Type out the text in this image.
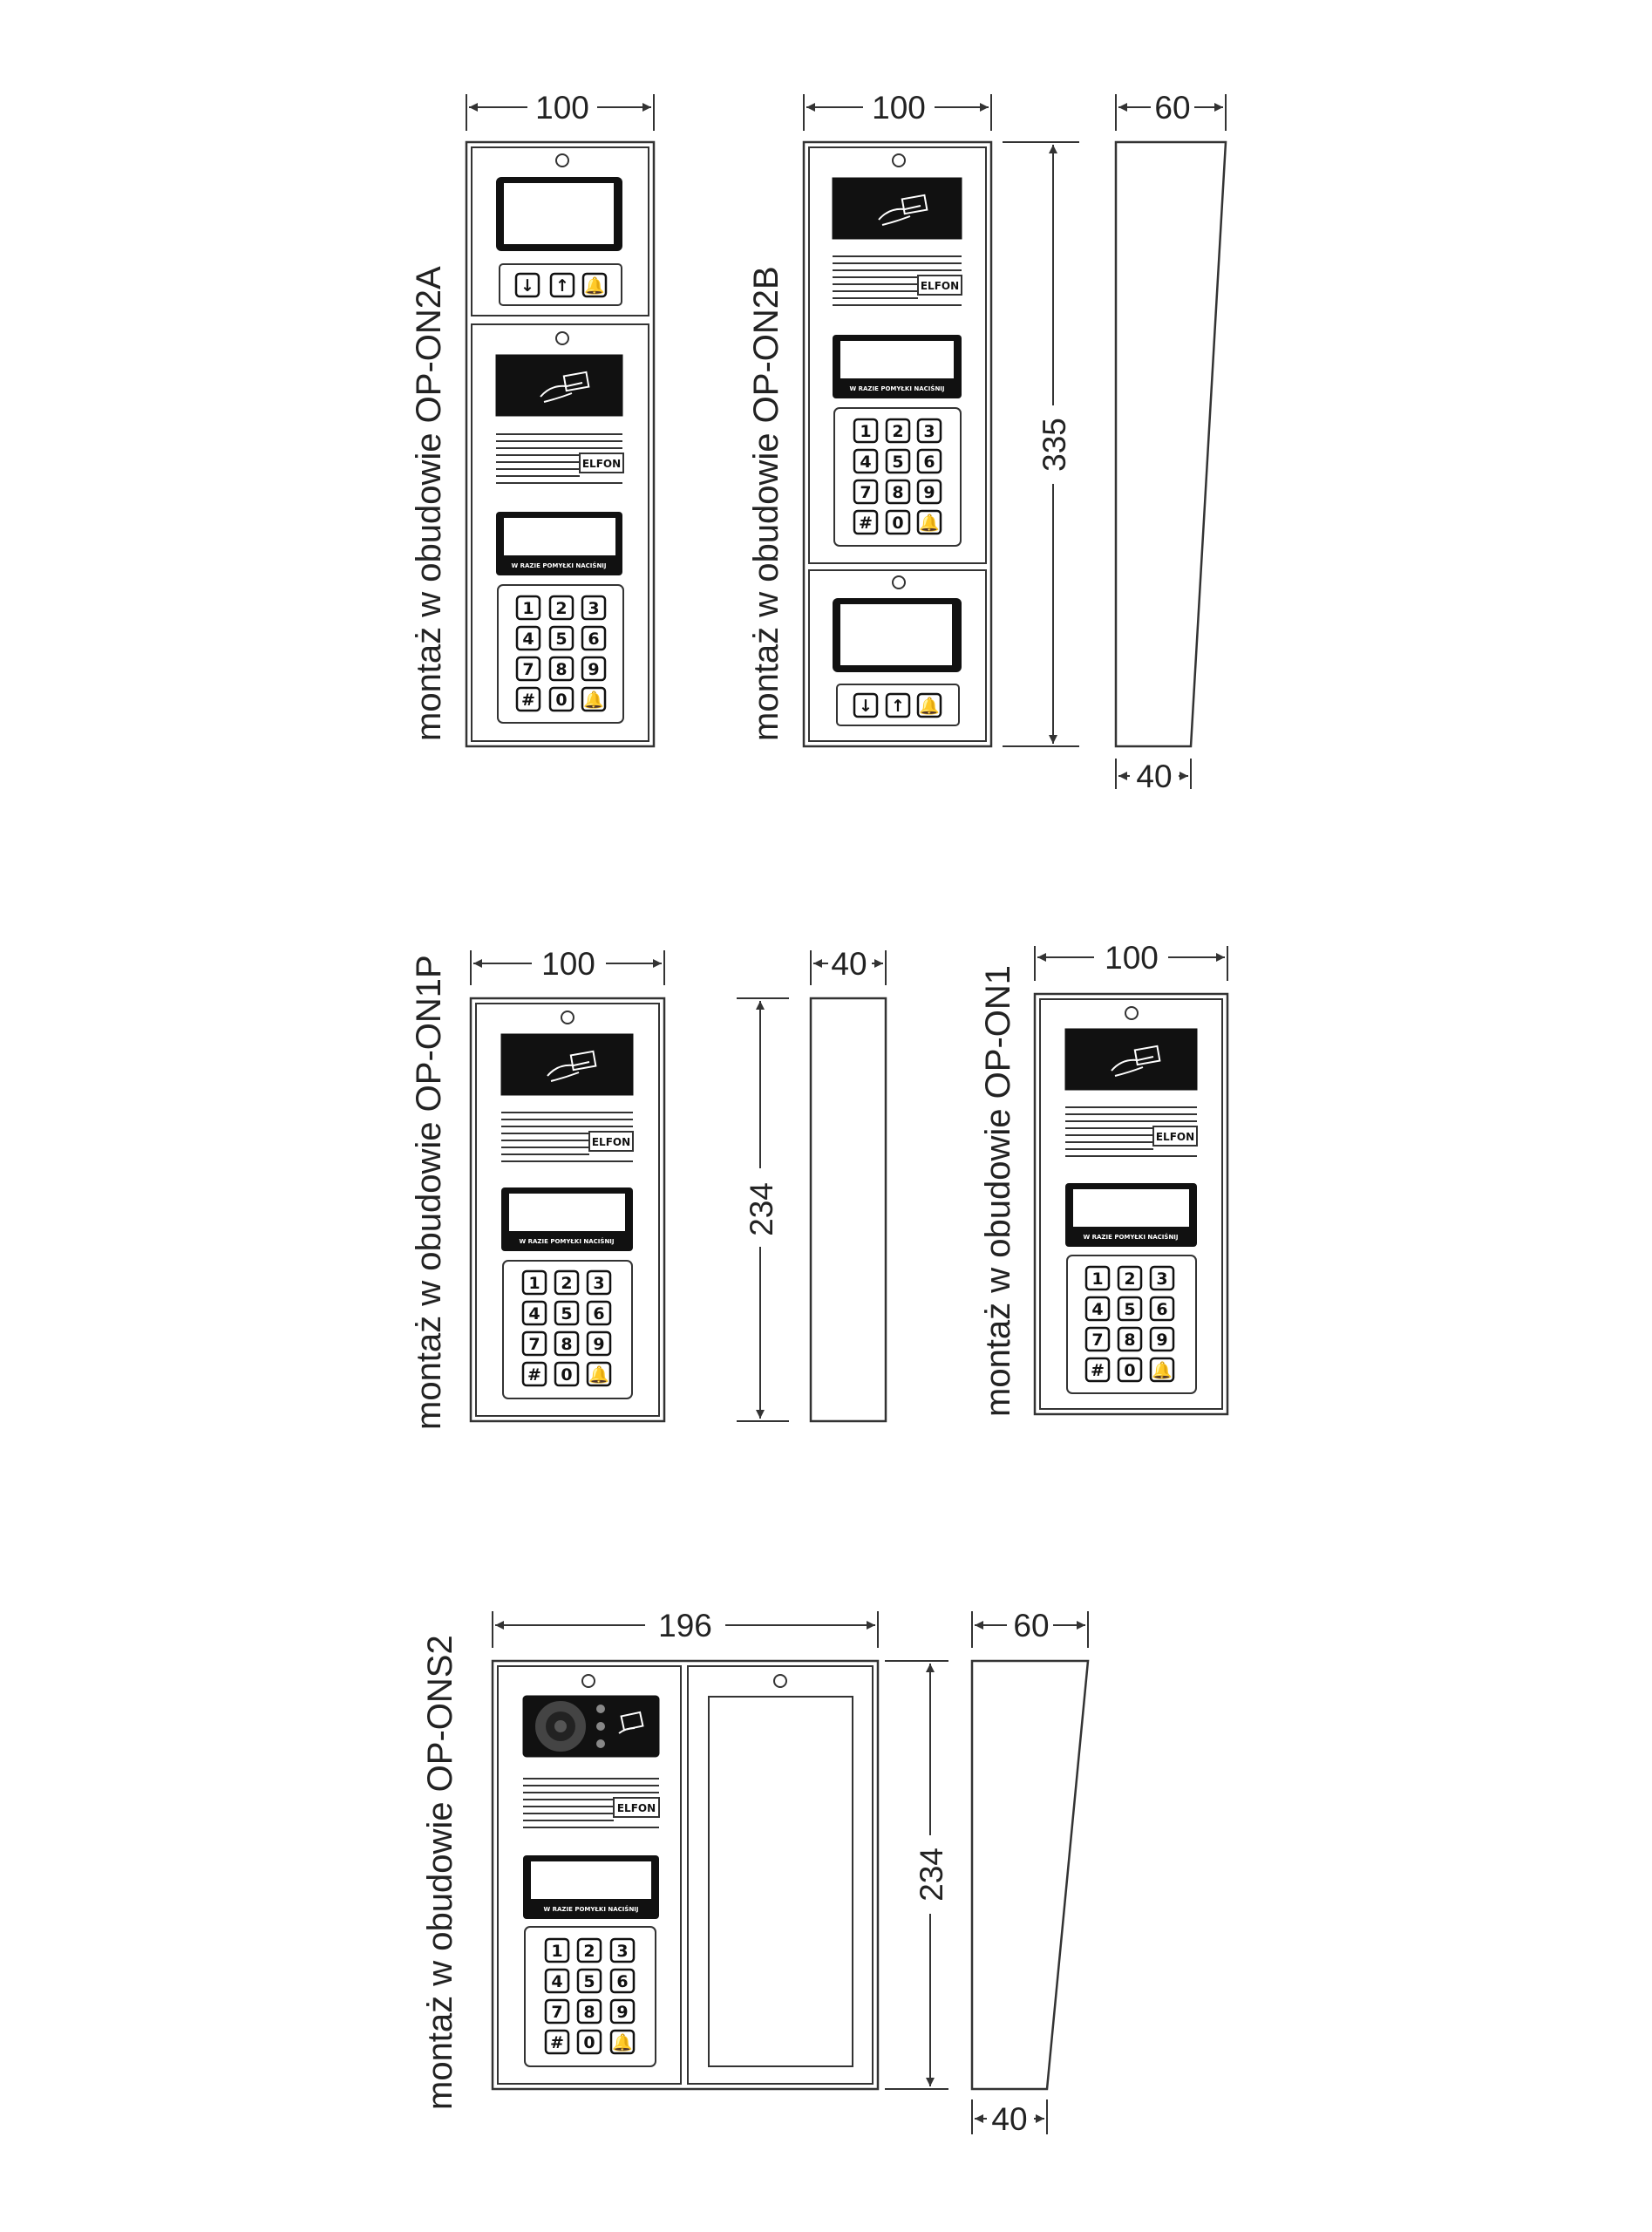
montaż w obudowie OP-ON2A
100
↓ ↑ 🔔
ELFON
W RAZIE POMYŁKI NACIŚNIJ
1 2 3
4 5 6
7 8 9
# 0 🔔	montaż w obudowie OP-ON2B
100
ELFON
W RAZIE POMYŁKI NACIŚNIJ
1 2 3
4 5 6
7 8 9
# 0 🔔
↓ ↑ 🔔
335
60
40
montaż w obudowie OP-ON1P	100
ELFON
W RAZIE POMYŁKI NACIŚNIJ
1 2 3
4 5 6
7 8 9
# 0 🔔
234
40
montaż w obudowie OP-ON1
100
ELFON
W RAZIE POMYŁKI NACIŚNIJ
1 2 3
4 5 6
7 8 9
# 0 🔔
montaż w obudowie OP-ONS2
196
ELFON
W RAZIE POMYŁKI NACIŚNIJ
1 2 3
4 5 6
7 8 9
# 0 🔔
234
60
40
